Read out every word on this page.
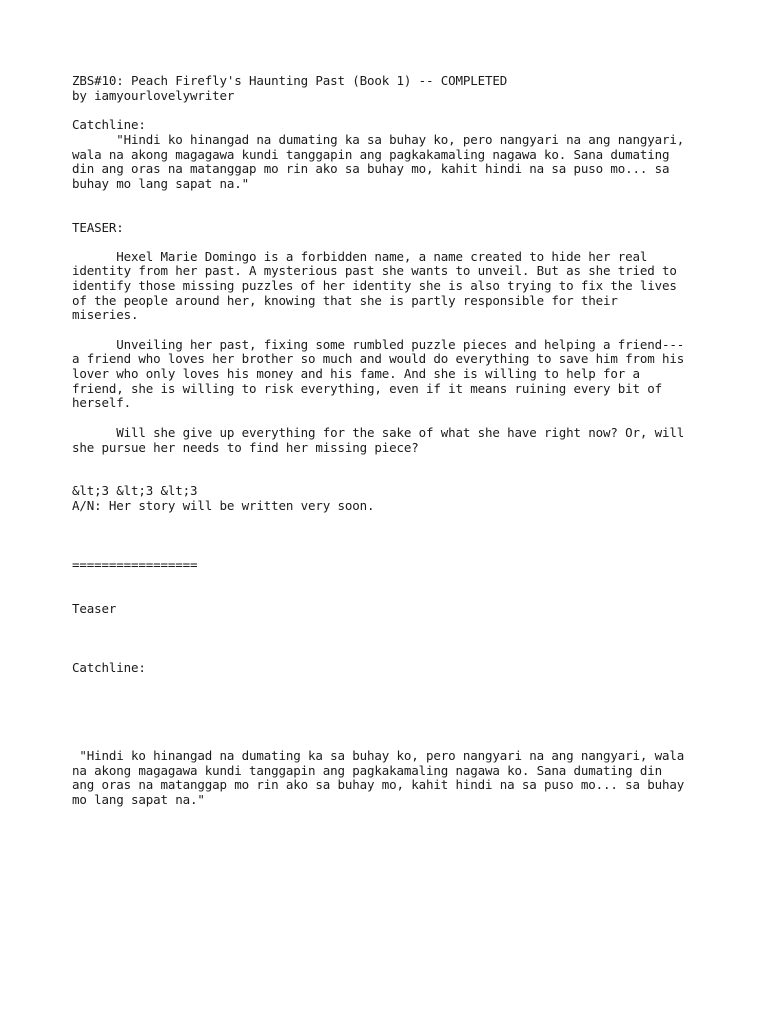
ZBS#10: Peach Firefly's Haunting Past (Book 1) -- COMPLETED

by iamyourlovelywriter

Catchline:

"Hindi ko hinangad na dumating ka sa buhay ko, pero nangyari na ang nangyari,

wala na akong magagawa kundi tanggapin ang pagkakamaling nagawa ko. Sana dumating

din ang oras na matanggap mo rin ako sa buhay mo, kahit hindi na sa puso mo... sa

buhay mo lang sapat na."

TEASER:

Hexel Marie Domingo is a forbidden name, a name created to hide her real

identity from her past. A mysterious past she wants to unveil. But as she tried to

identify those missing puzzles of her identity she is also trying to fix the lives

of the people around her, knowing that she is partly responsible for their

miseries.

Unveiling her past, fixing some rumbled puzzle pieces and helping a friend---

a friend who loves her brother so much and would do everything to save him from his

lover who only loves his money and his fame. And she is willing to help for a

friend, she is willing to risk everything, even if it means ruining every bit of

herself.

Will she give up everything for the sake of what she have right now? Or, will

she pursue her needs to find her missing piece?

&lt;3 &lt;3 &lt;3

A/N: Her story will be written very soon.

=================

Teaser

Catchline:

"Hindi ko hinangad na dumating ka sa buhay ko, pero nangyari na ang nangyari, wala

na akong magagawa kundi tanggapin ang pagkakamaling nagawa ko. Sana dumating din

ang oras na matanggap mo rin ako sa buhay mo, kahit hindi na sa puso mo... sa buhay

mo lang sapat na."
